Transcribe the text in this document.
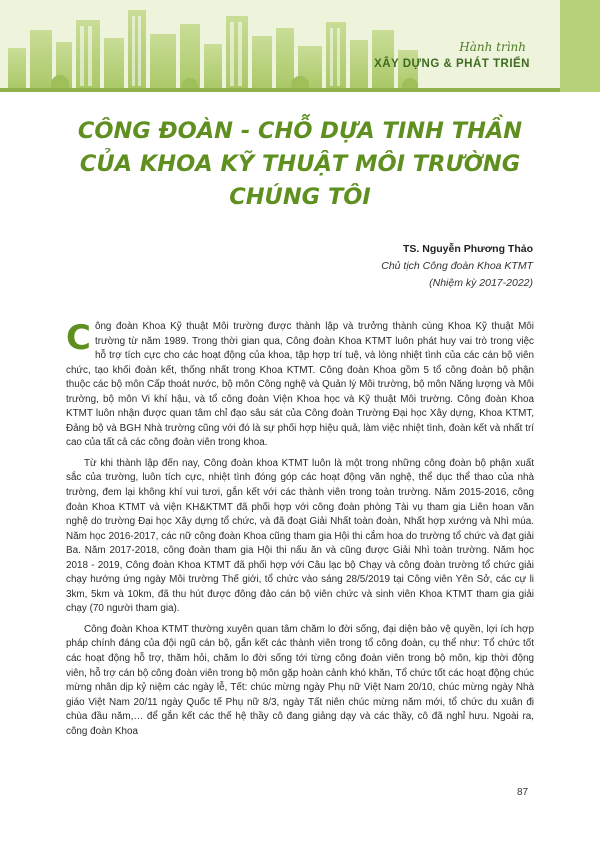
Hành trình
XÂY DỰNG & PHÁT TRIỂN
CÔNG ĐOÀN - CHỖ DỰA TINH THẦN
CỦA KHOA KỸ THUẬT MÔI TRƯỜNG
CHÚNG TÔI
TS. Nguyễn Phương Thảo
Chủ tịch Công đoàn Khoa KTMT
(Nhiệm kỳ 2017-2022)

Công đoàn Khoa Kỹ thuật Môi trường được thành lập và trưởng thành cùng Khoa Kỹ thuật Môi trường từ năm 1989. Trong thời gian qua, Công đoàn Khoa KTMT luôn phát huy vai trò trong việc hỗ trợ tích cực cho các hoạt động của khoa, tập hợp trí tuệ, và lòng nhiệt tình của các cán bộ viên chức, tạo khối đoàn kết, thống nhất trong Khoa KTMT. Công đoàn Khoa gồm 5 tổ công đoàn bộ phận thuộc các bộ môn Cấp thoát nước, bộ môn Công nghệ và Quản lý Môi trường, bộ môn Năng lượng và Môi trường, bộ môn Vi khí hậu, và tổ công đoàn Viện Khoa học và Kỹ thuật Môi trường. Công đoàn Khoa KTMT luôn nhận được quan tâm chỉ đạo sâu sát của Công đoàn Trường Đại học Xây dựng, Khoa KTMT, Đảng bộ và BGH Nhà trường cũng với đó là sự phối hợp hiệu quả, làm việc nhiệt tình, đoàn kết và nhất trí cao của tất cả các công đoàn viên trong khoa.

Từ khi thành lập đến nay, Công đoàn khoa KTMT luôn là một trong những công đoàn bộ phận xuất sắc của trường, luôn tích cực, nhiệt tình đóng góp các hoạt động văn nghệ, thể dục thể thao của nhà trường, đem lại không khí vui tươi, gắn kết với các thành viên trong toàn trường. Năm 2015-2016, công đoàn Khoa KTMT và viện KH&KTMT đã phối hợp với công đoàn phòng Tài vụ tham gia Liên hoan văn nghệ do trường Đại học Xây dựng tổ chức, và đã đoạt Giải Nhất toàn đoàn, Nhất hợp xướng và Nhì múa. Năm học 2016-2017, các nữ công đoàn Khoa cũng tham gia Hội thi cắm hoa do trường tổ chức và đạt giải Ba. Năm 2017-2018, công đoàn tham gia Hội thi nấu ăn và cũng được Giải Nhì toàn trường. Năm học 2018 - 2019, Công đoàn Khoa KTMT đã phối hợp với Câu lạc bộ Chạy và công đoàn trường tổ chức giải chạy hướng ứng ngày Môi trường Thế giới, tổ chức vào sáng 28/5/2019 tại Công viên Yên Sở, các cự li 3km, 5km và 10km, đã thu hút được đông đảo cán bộ viên chức và sinh viên Khoa KTMT tham gia giải chạy (70 người tham gia).

Công đoàn Khoa KTMT thường xuyên quan tâm chăm lo đời sống, đại diện bảo vệ quyền, lợi ích hợp pháp chính đáng của đội ngũ cán bộ, gắn kết các thành viên trong tổ công đoàn, cụ thể như: Tổ chức tốt các hoạt động hỗ trợ, thăm hỏi, chăm lo đời sống tới từng công đoàn viên trong bộ môn, kịp thời động viên, hỗ trợ cán bộ công đoàn viên trong bộ môn gặp hoàn cảnh khó khăn, Tổ chức tốt các hoạt động chúc mừng nhân dịp kỷ niệm các ngày lễ, Tết: chúc mừng ngày Phụ nữ Việt Nam 20/10, chúc mừng ngày Nhà giáo Việt Nam 20/11 ngày Quốc tế Phụ nữ 8/3, ngày Tất niên chúc mừng năm mới, tổ chức du xuân đi chùa đầu năm,… để gắn kết các thế hệ thầy cô đang giảng dạy và các thầy, cô đã nghỉ hưu. Ngoài ra, công đoàn Khoa

87
